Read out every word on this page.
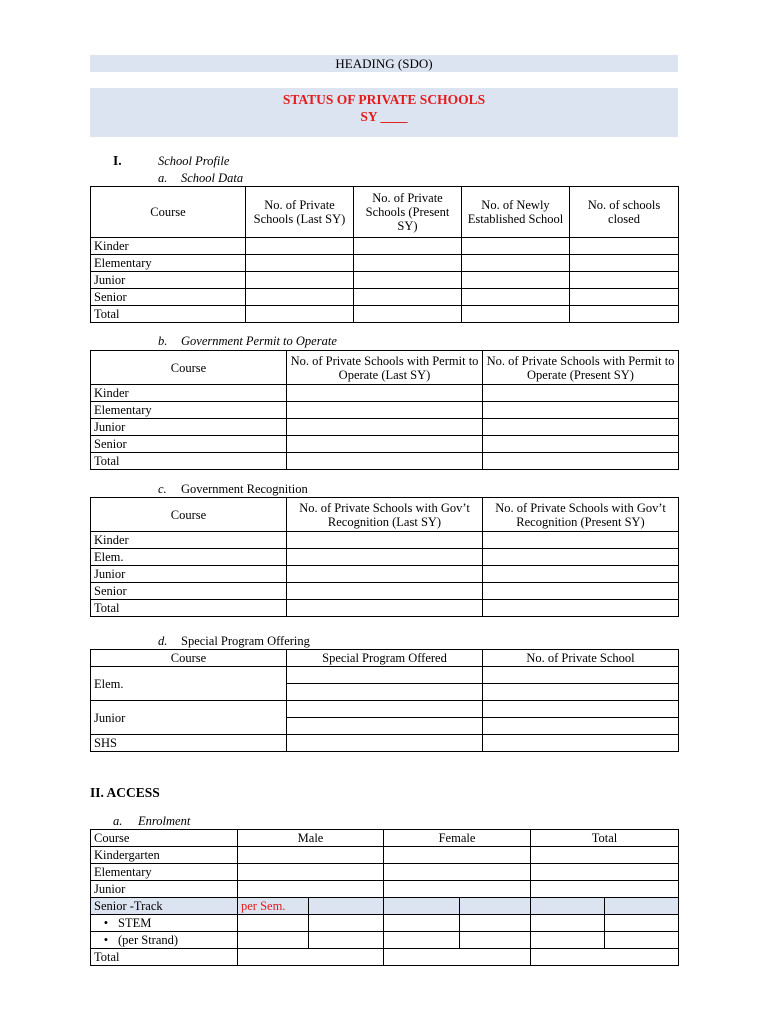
HEADING (SDO)
STATUS OF PRIVATE SCHOOLS
SY ____
I.	School Profile
a. School Data
Course	No. of Private Schools (Last SY)	No. of Private Schools (Present SY)	No. of Newly Established School	No. of schools closed
Kinder				
Elementary				
Junior				
Senior				
Total				
b. Government Permit to Operate
Course	No. of Private Schools with Permit to Operate (Last SY)	No. of Private Schools with Permit to Operate (Present SY)
Kinder		
Elementary		
Junior		
Senior		
Total		
c. Government Recognition
Course	No. of Private Schools with Gov’t Recognition (Last SY)	No. of Private Schools with Gov’t Recognition (Present SY)
Kinder		
Elem.		
Junior		
Senior		
Total		
d. Special Program Offering
Course	Special Program Offered	No. of Private School
Elem.		

Junior		

SHS		
II. ACCESS
a. Enrolment
Course	Male		Female		Total	
Kindergarten						
Elementary						
Junior						
Senior -Track	per Sem.					
• STEM						
• (per Strand)						
Total						
